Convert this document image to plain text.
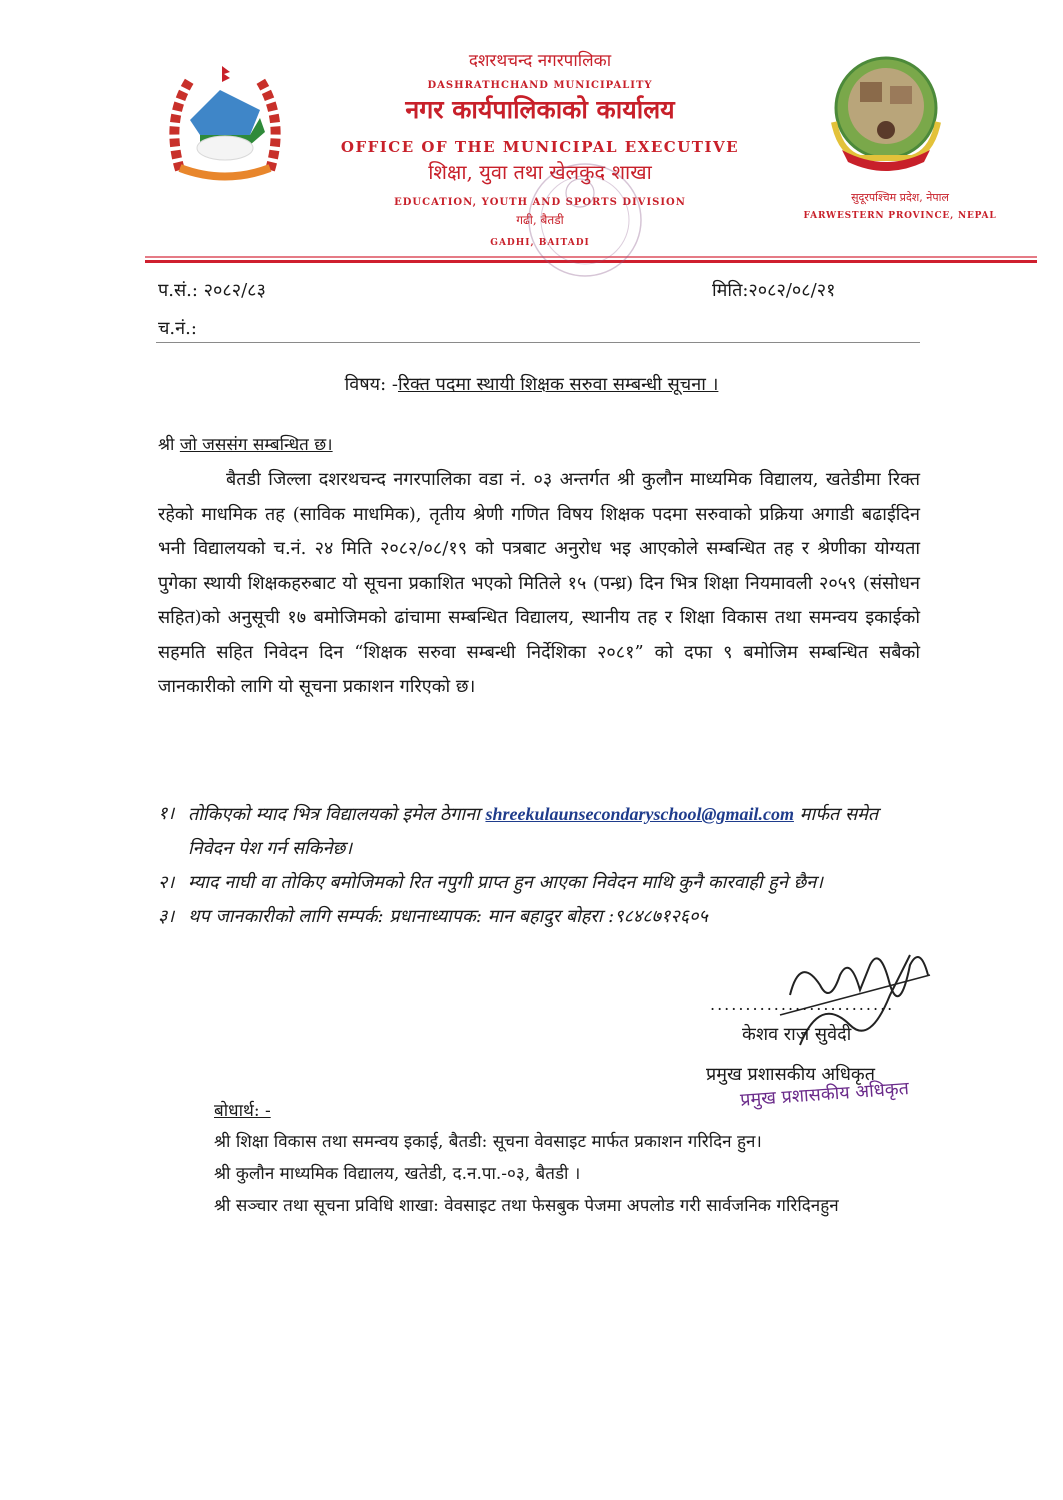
दशरथचन्द नगरपालिका
DASHRATHCHAND MUNICIPALITY
नगर कार्यपालिकाको कार्यालय
OFFICE OF THE MUNICIPAL EXECUTIVE
शिक्षा, युवा तथा खेलकुद शाखा
EDUCATION, YOUTH AND SPORTS DIVISION
गढी, बैतडी
GADHI, BAITADI
सुदूरपश्चिम प्रदेश, नेपाल
FARWESTERN PROVINCE, NEPAL
प.सं.: २०८२/८३	मिति:२०८२/०८/२१
च.नं.:
विषय: -रिक्त पदमा स्थायी शिक्षक सरुवा सम्बन्धी सूचना ।
श्री जो जससंग सम्बन्धित छ।
बैतडी जिल्ला दशरथचन्द नगरपालिका वडा नं. ०३ अन्तर्गत श्री कुलौन माध्यमिक विद्यालय, खतेडीमा रिक्त रहेको माधमिक तह (साविक माधमिक), तृतीय श्रेणी गणित विषय शिक्षक पदमा सरुवाको प्रक्रिया अगाडी बढाईदिन भनी विद्यालयको च.नं. २४ मिति २०८२/०८/१९ को पत्रबाट अनुरोध भइ आएकोले सम्बन्धित तह र श्रेणीका योग्यता पुगेका स्थायी शिक्षकहरुबाट यो सूचना प्रकाशित भएको मितिले १५ (पन्ध्र) दिन भित्र शिक्षा नियमावली २०५९ (संसोधन सहित)को अनुसूची १७ बमोजिमको ढांचामा सम्बन्धित विद्यालय, स्थानीय तह र शिक्षा विकास तथा समन्वय इकाईको सहमति सहित निवेदन दिन “शिक्षक सरुवा सम्बन्धी निर्देशिका २०८१” को दफा ९ बमोजिम सम्बन्धित सबैको जानकारीको लागि यो सूचना प्रकाशन गरिएको छ।
१। तोकिएको म्याद भित्र विद्यालयको इमेल ठेगाना shreekulaunsecondaryschool@gmail.com मार्फत समेत निवेदन पेश गर्न सकिनेछ।
२। म्याद नाघी वा तोकिए बमोजिमको रित नपुगी प्राप्त हुन आएका निवेदन माथि कुनै कारवाही हुने छैन।
३। थप जानकारीको लागि सम्पर्क: प्रधानाध्यापक: मान बहादुर बोहरा :९८४८७१२६०५
..........................
केशव राज सुवेदी
प्रमुख प्रशासकीय अधिकृत
प्रमुख प्रशासकीय अधिकृत
बोधार्थ: -
श्री शिक्षा विकास तथा समन्वय इकाई, बैतडी: सूचना वेवसाइट मार्फत प्रकाशन गरिदिन हुन।
श्री कुलौन माध्यमिक विद्यालय, खतेडी, द.न.पा.-०३, बैतडी ।
श्री सञ्चार तथा सूचना प्रविधि शाखा: वेवसाइट तथा फेसबुक पेजमा अपलोड गरी सार्वजनिक गरिदिनहुन
